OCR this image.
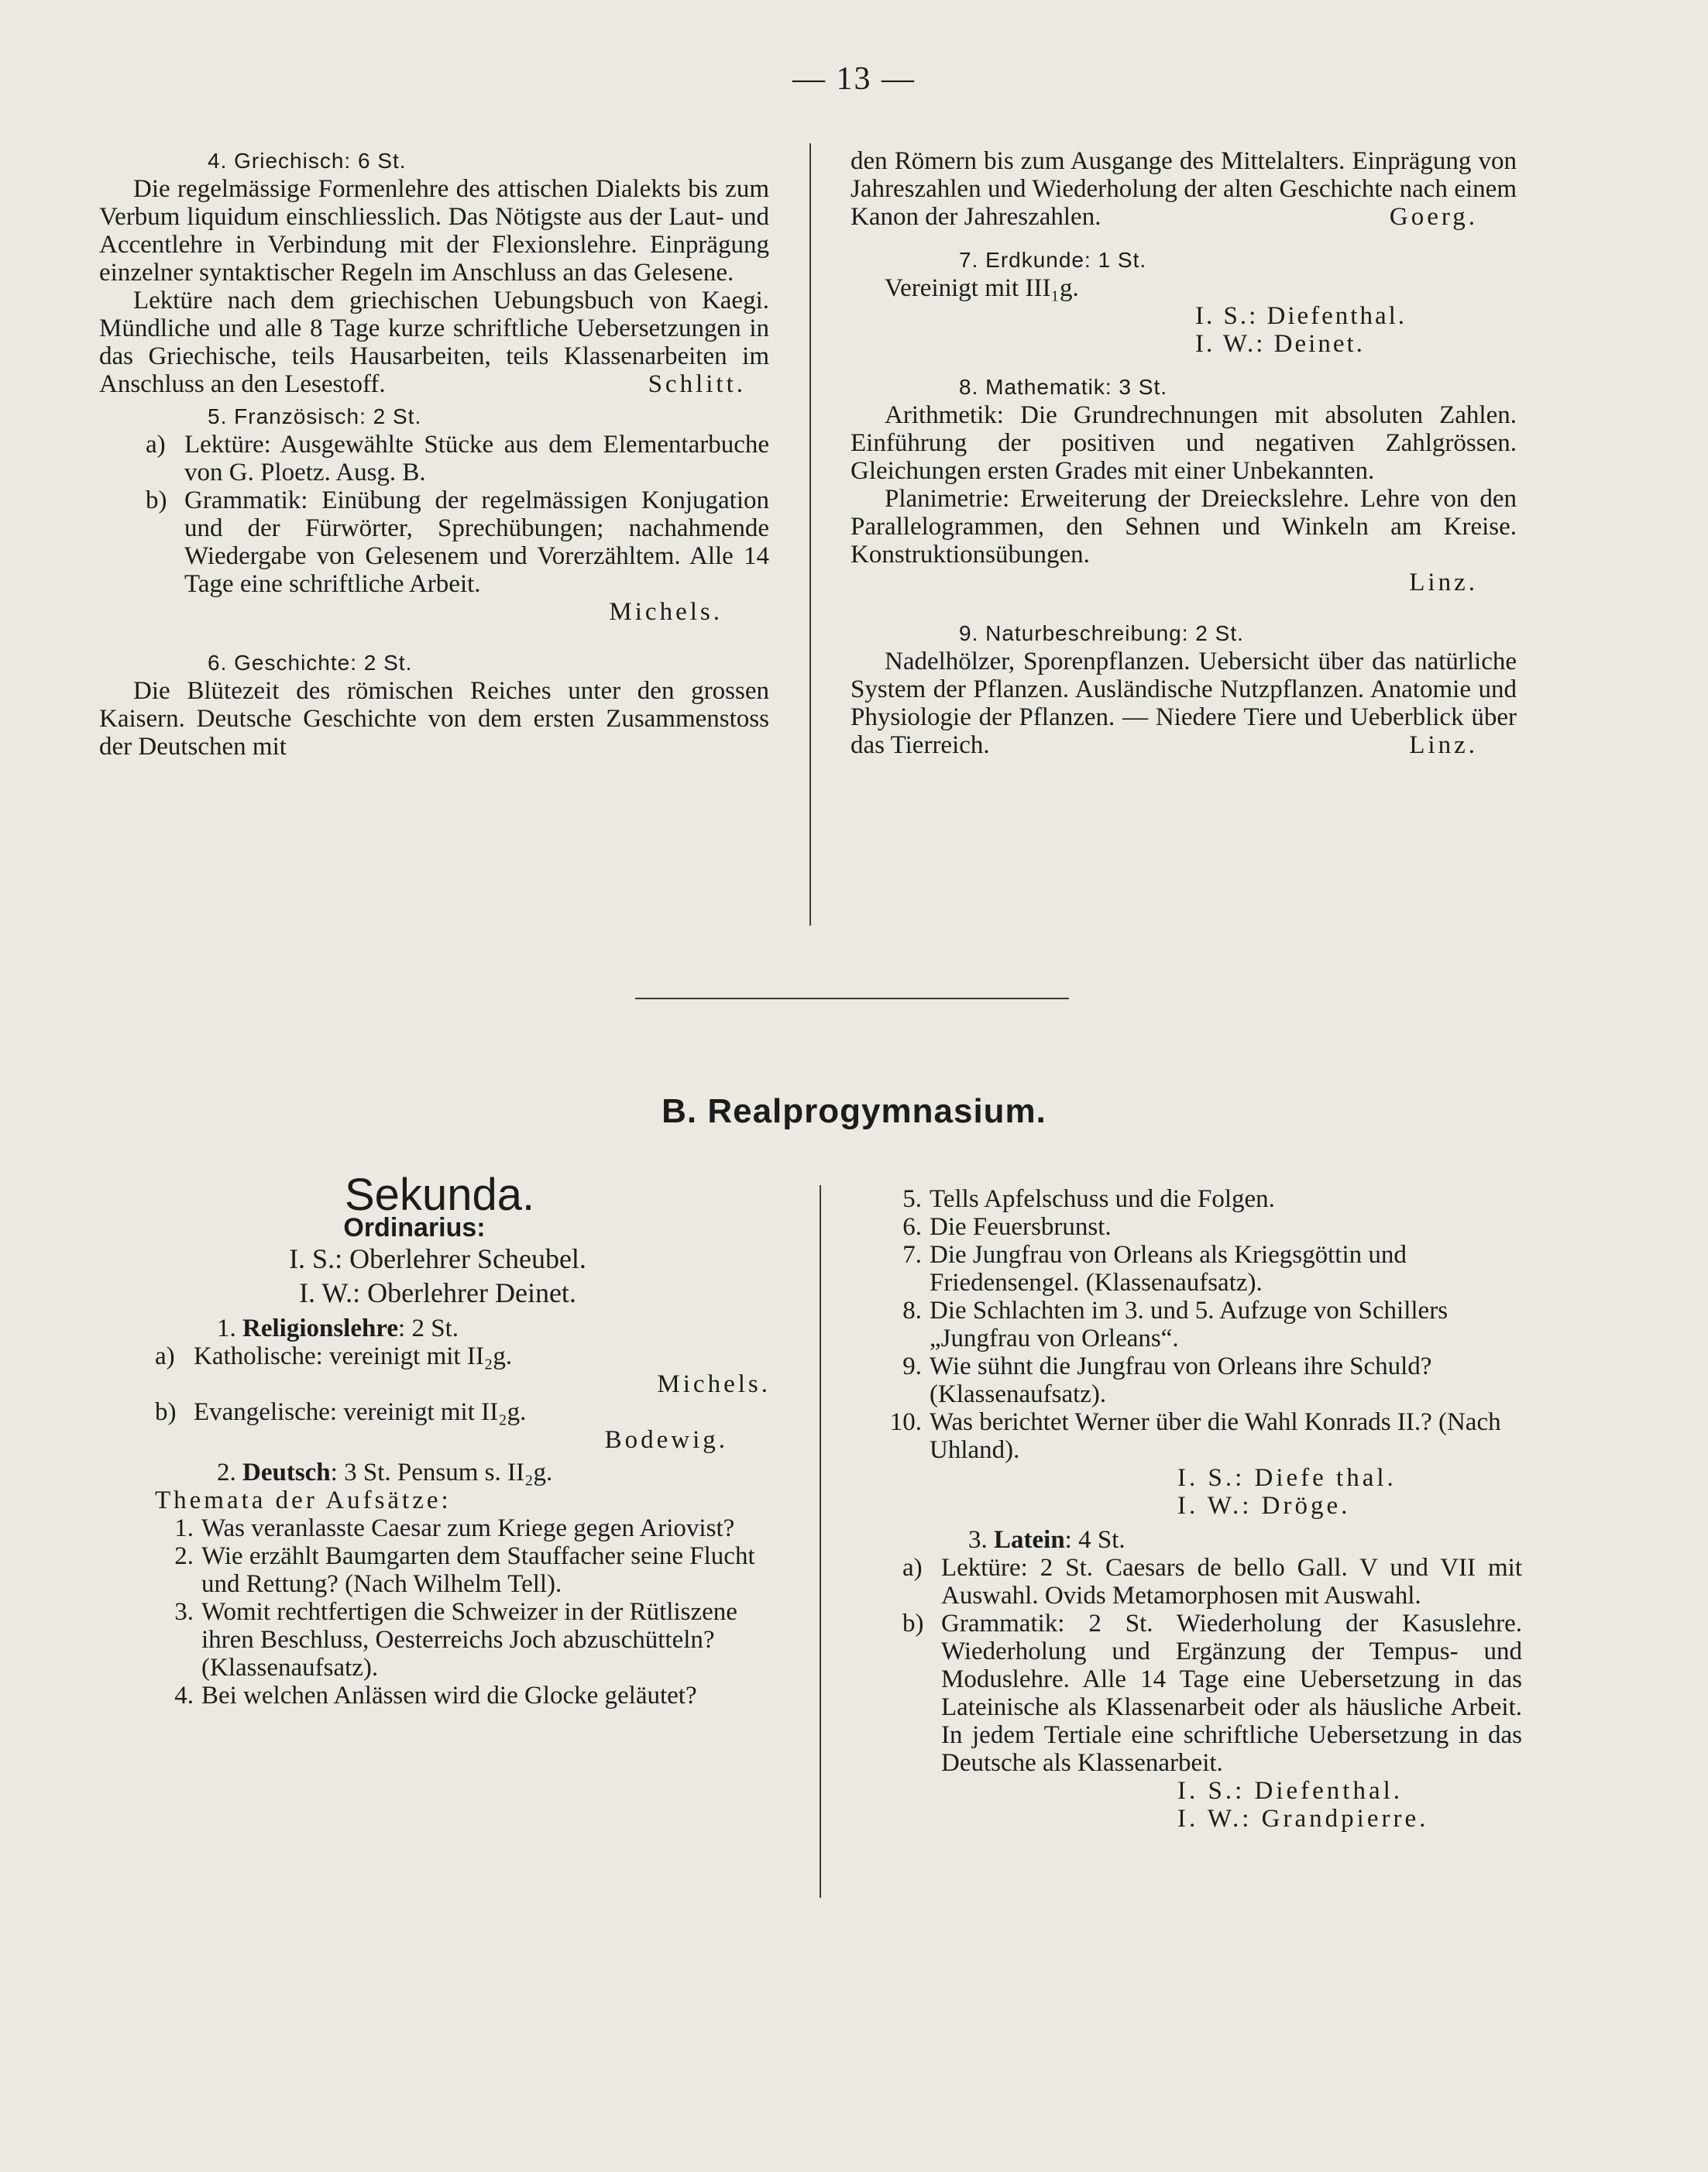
— 13 —

4. Griechisch: 6 St.

Die regelmässige Formenlehre des attischen Dialekts bis zum Verbum liquidum einschliesslich. Das Nötigste aus der Laut- und Accentlehre in Verbindung mit der Flexionslehre. Einprägung einzelner syntaktischer Regeln im Anschluss an das Gelesene.

Lektüre nach dem griechischen Uebungsbuch von Kaegi. Mündliche und alle 8 Tage kurze schriftliche Uebersetzungen in das Griechische, teils Hausarbeiten, teils Klassenarbeiten im Anschluss an den Lesestoff.	Schlitt.

5. Französisch: 2 St.

a) Lektüre: Ausgewählte Stücke aus dem Elementarbuche von G. Ploetz. Ausg. B.
b) Grammatik: Einübung der regelmässigen Konjugation und der Fürwörter, Sprechübungen; nachahmende Wiedergabe von Gelesenem und Vorerzähltem. Alle 14 Tage eine schriftliche Arbeit.

Michels.

6. Geschichte: 2 St.

Die Blütezeit des römischen Reiches unter den grossen Kaisern. Deutsche Geschichte von dem ersten Zusammenstoss der Deutschen mit

den Römern bis zum Ausgange des Mittelalters. Einprägung von Jahreszahlen und Wiederholung der alten Geschichte nach einem Kanon der Jahreszahlen.	Goerg.

7. Erdkunde: 1 St.

Vereinigt mit III₁g.

I. S.: Diefenthal.

I. W.: Deinet.

8. Mathematik: 3 St.

Arithmetik: Die Grundrechnungen mit absoluten Zahlen. Einführung der positiven und negativen Zahlgrössen. Gleichungen ersten Grades mit einer Unbekannten.

Planimetrie: Erweiterung der Dreieckslehre. Lehre von den Parallelogrammen, den Sehnen und Winkeln am Kreise. Konstruktionsübungen.

Linz.

9. Naturbeschreibung: 2 St.

Nadelhölzer, Sporenpflanzen. Uebersicht über das natürliche System der Pflanzen. Ausländische Nutzpflanzen. Anatomie und Physiologie der Pflanzen. — Niedere Tiere und Ueberblick über das Tierreich.	Linz.

B. Realprogymnasium.
Sekunda.

Ordinarius:

I. S.: Oberlehrer Scheubel.

I. W.: Oberlehrer Deinet.

1. Religionslehre: 2 St.

a) Katholische: vereinigt mit II₂g.

Michels.

b) Evangelische: vereinigt mit II₂g.

Bodewig.

2. Deutsch: 3 St. Pensum s. II₂g.

Themata der Aufsätze:

1. Was veranlasste Caesar zum Kriege gegen Ariovist?
2. Wie erzählt Baumgarten dem Stauffacher seine Flucht und Rettung? (Nach Wilhelm Tell).
3. Womit rechtfertigen die Schweizer in der Rütliszene ihren Beschluss, Oesterreichs Joch abzuschütteln? (Klassenaufsatz).
4. Bei welchen Anlässen wird die Glocke geläutet?
5. Tells Apfelschuss und die Folgen.
6. Die Feuersbrunst.
7. Die Jungfrau von Orleans als Kriegsgöttin und Friedensengel. (Klassenaufsatz).
8. Die Schlachten im 3. und 5. Aufzuge von Schillers „Jungfrau von Orleans“.
9. Wie sühnt die Jungfrau von Orleans ihre Schuld? (Klassenaufsatz).
10. Was berichtet Werner über die Wahl Konrads II.? (Nach Uhland).

I. S.: Diefe thal.

I. W.: Dröge.

3. Latein: 4 St.

a) Lektüre: 2 St. Caesars de bello Gall. V und VII mit Auswahl. Ovids Metamorphosen mit Auswahl.
b) Grammatik: 2 St. Wiederholung der Kasuslehre. Wiederholung und Ergänzung der Tempus- und Moduslehre. Alle 14 Tage eine Uebersetzung in das Lateinische als Klassenarbeit oder als häusliche Arbeit. In jedem Tertiale eine schriftliche Uebersetzung in das Deutsche als Klassenarbeit.

I. S.: Diefenthal.

I. W.: Grandpierre.
